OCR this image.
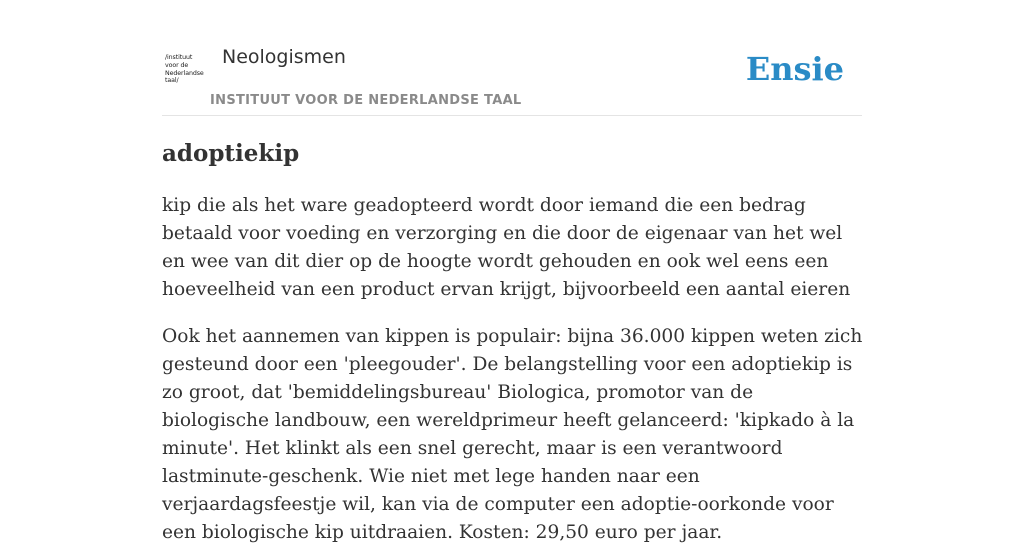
/instituut
voor de
Nederlandse
taal/
Neologismen
INSTITUUT VOOR DE NEDERLANDSE TAAL
Ensie
adoptiekip

kip die als het ware geadopteerd wordt door iemand die een bedrag betaald voor voeding en verzorging en die door de eigenaar van het wel en wee van dit dier op de hoogte wordt gehouden en ook wel eens een hoeveelheid van een product ervan krijgt, bijvoorbeeld een aantal eieren

Ook het aannemen van kippen is populair: bijna 36.000 kippen weten zich gesteund door een 'pleegouder'. De belangstelling voor een adoptiekip is zo groot, dat 'bemiddelingsbureau' Biologica, promotor van de biologische landbouw, een wereldprimeur heeft gelanceerd: 'kipkado à la minute'. Het klinkt als een snel gerecht, maar is een verantwoord lastminute-geschenk. Wie niet met lege handen naar een verjaardagsfeestje wil, kan via de computer een adoptie-oorkonde voor een biologische kip uitdraaien. Kosten: 29,50 euro per jaar.
